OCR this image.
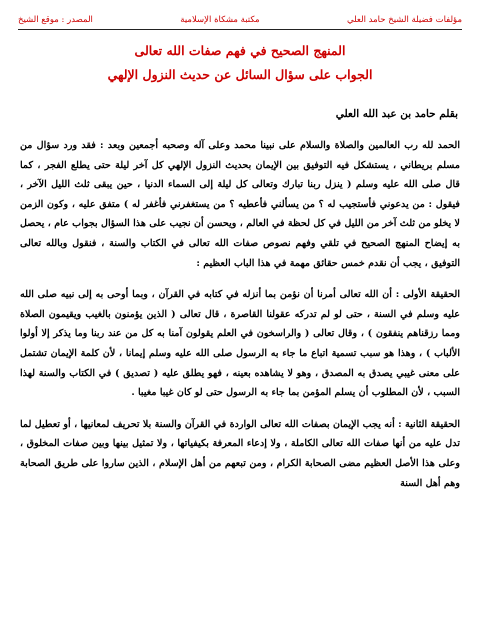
مؤلفات فضيلة الشيخ حامد العلي
مكتبة مشكاة الإسلامية
المصدر : موقع الشيخ
المنهج الصحيح في فهم صفات الله تعالى
الجواب على سؤال السائل عن حديث النزول الإلهي
بقلم حامد بن عبد الله العلي

الحمد لله رب العالمين والصلاة والسلام على نبينا محمد وعلى آله وصحبه أجمعين وبعد : فقد ورد سؤال من مسلم بريطاني ، يستشكل فيه التوفيق بين الإيمان بحديث النزول الإلهي كل آخر ليلة حتى يطلع الفجر ، كما قال صلى الله عليه وسلم ( ينزل ربنا تبارك وتعالى كل ليلة إلى السماء الدنيا ، حين يبقى ثلث الليل الآخر ، فيقول : من يدعوني فأستجيب له ؟ من يسألني فأعطيه ؟ من يستغفرني فأغفر له ) متفق عليه ، وكون الزمن لا يخلو من ثلث آخر من الليل في كل لحظة في العالم ، ويحسن أن نجيب على هذا السؤال بجواب عام ، يحصل به إيضاح المنهج الصحيح في تلقي وفهم نصوص صفات الله تعالى في الكتاب والسنة ، فنقول وبالله تعالى التوفيق ، يجب أن نقدم خمس حقائق مهمة في هذا الباب العظيم :

الحقيقة الأولى : أن الله تعالى أمرنا أن نؤمن بما أنزله في كتابه في القرآن ، وبما أوحى به إلى نبيه صلى الله عليه وسلم في السنة ، حتى لو لم تدركه عقولنا القاصرة ، قال تعالى ( الذين يؤمنون بالغيب ويقيمون الصلاة ومما رزقناهم ينفقون ) ، وقال تعالى ( والراسخون في العلم يقولون آمنا به كل من عند ربنا وما يذكر إلا أولوا الألباب ) ، وهذا هو سبب تسمية اتباع ما جاء به الرسول صلى الله عليه وسلم إيمانا ، لأن كلمة الإيمان تشتمل على معنى غيبي يصدق به المصدق ، وهو لا يشاهده بعينه ، فهو يطلق عليه ( تصديق ) في الكتاب والسنة لهذا السبب ، لأن المطلوب أن يسلم المؤمن بما جاء به الرسول حتى لو كان غيبا مغيبا .

الحقيقة الثانية : أنه يجب الإيمان بصفات الله تعالى الواردة في القرآن والسنة بلا تحريف لمعانيها ، أو تعطيل لما تدل عليه من أنها صفات الله تعالى الكاملة ، ولا إدعاء المعرفة بكيفياتها ، ولا تمثيل بينها وبين صفات المخلوق ، وعلى هذا الأصل العظيم مضى الصحابة الكرام ، ومن تبعهم من أهل الإسلام ، الذين ساروا على طريق الصحابة وهم أهل السنة
